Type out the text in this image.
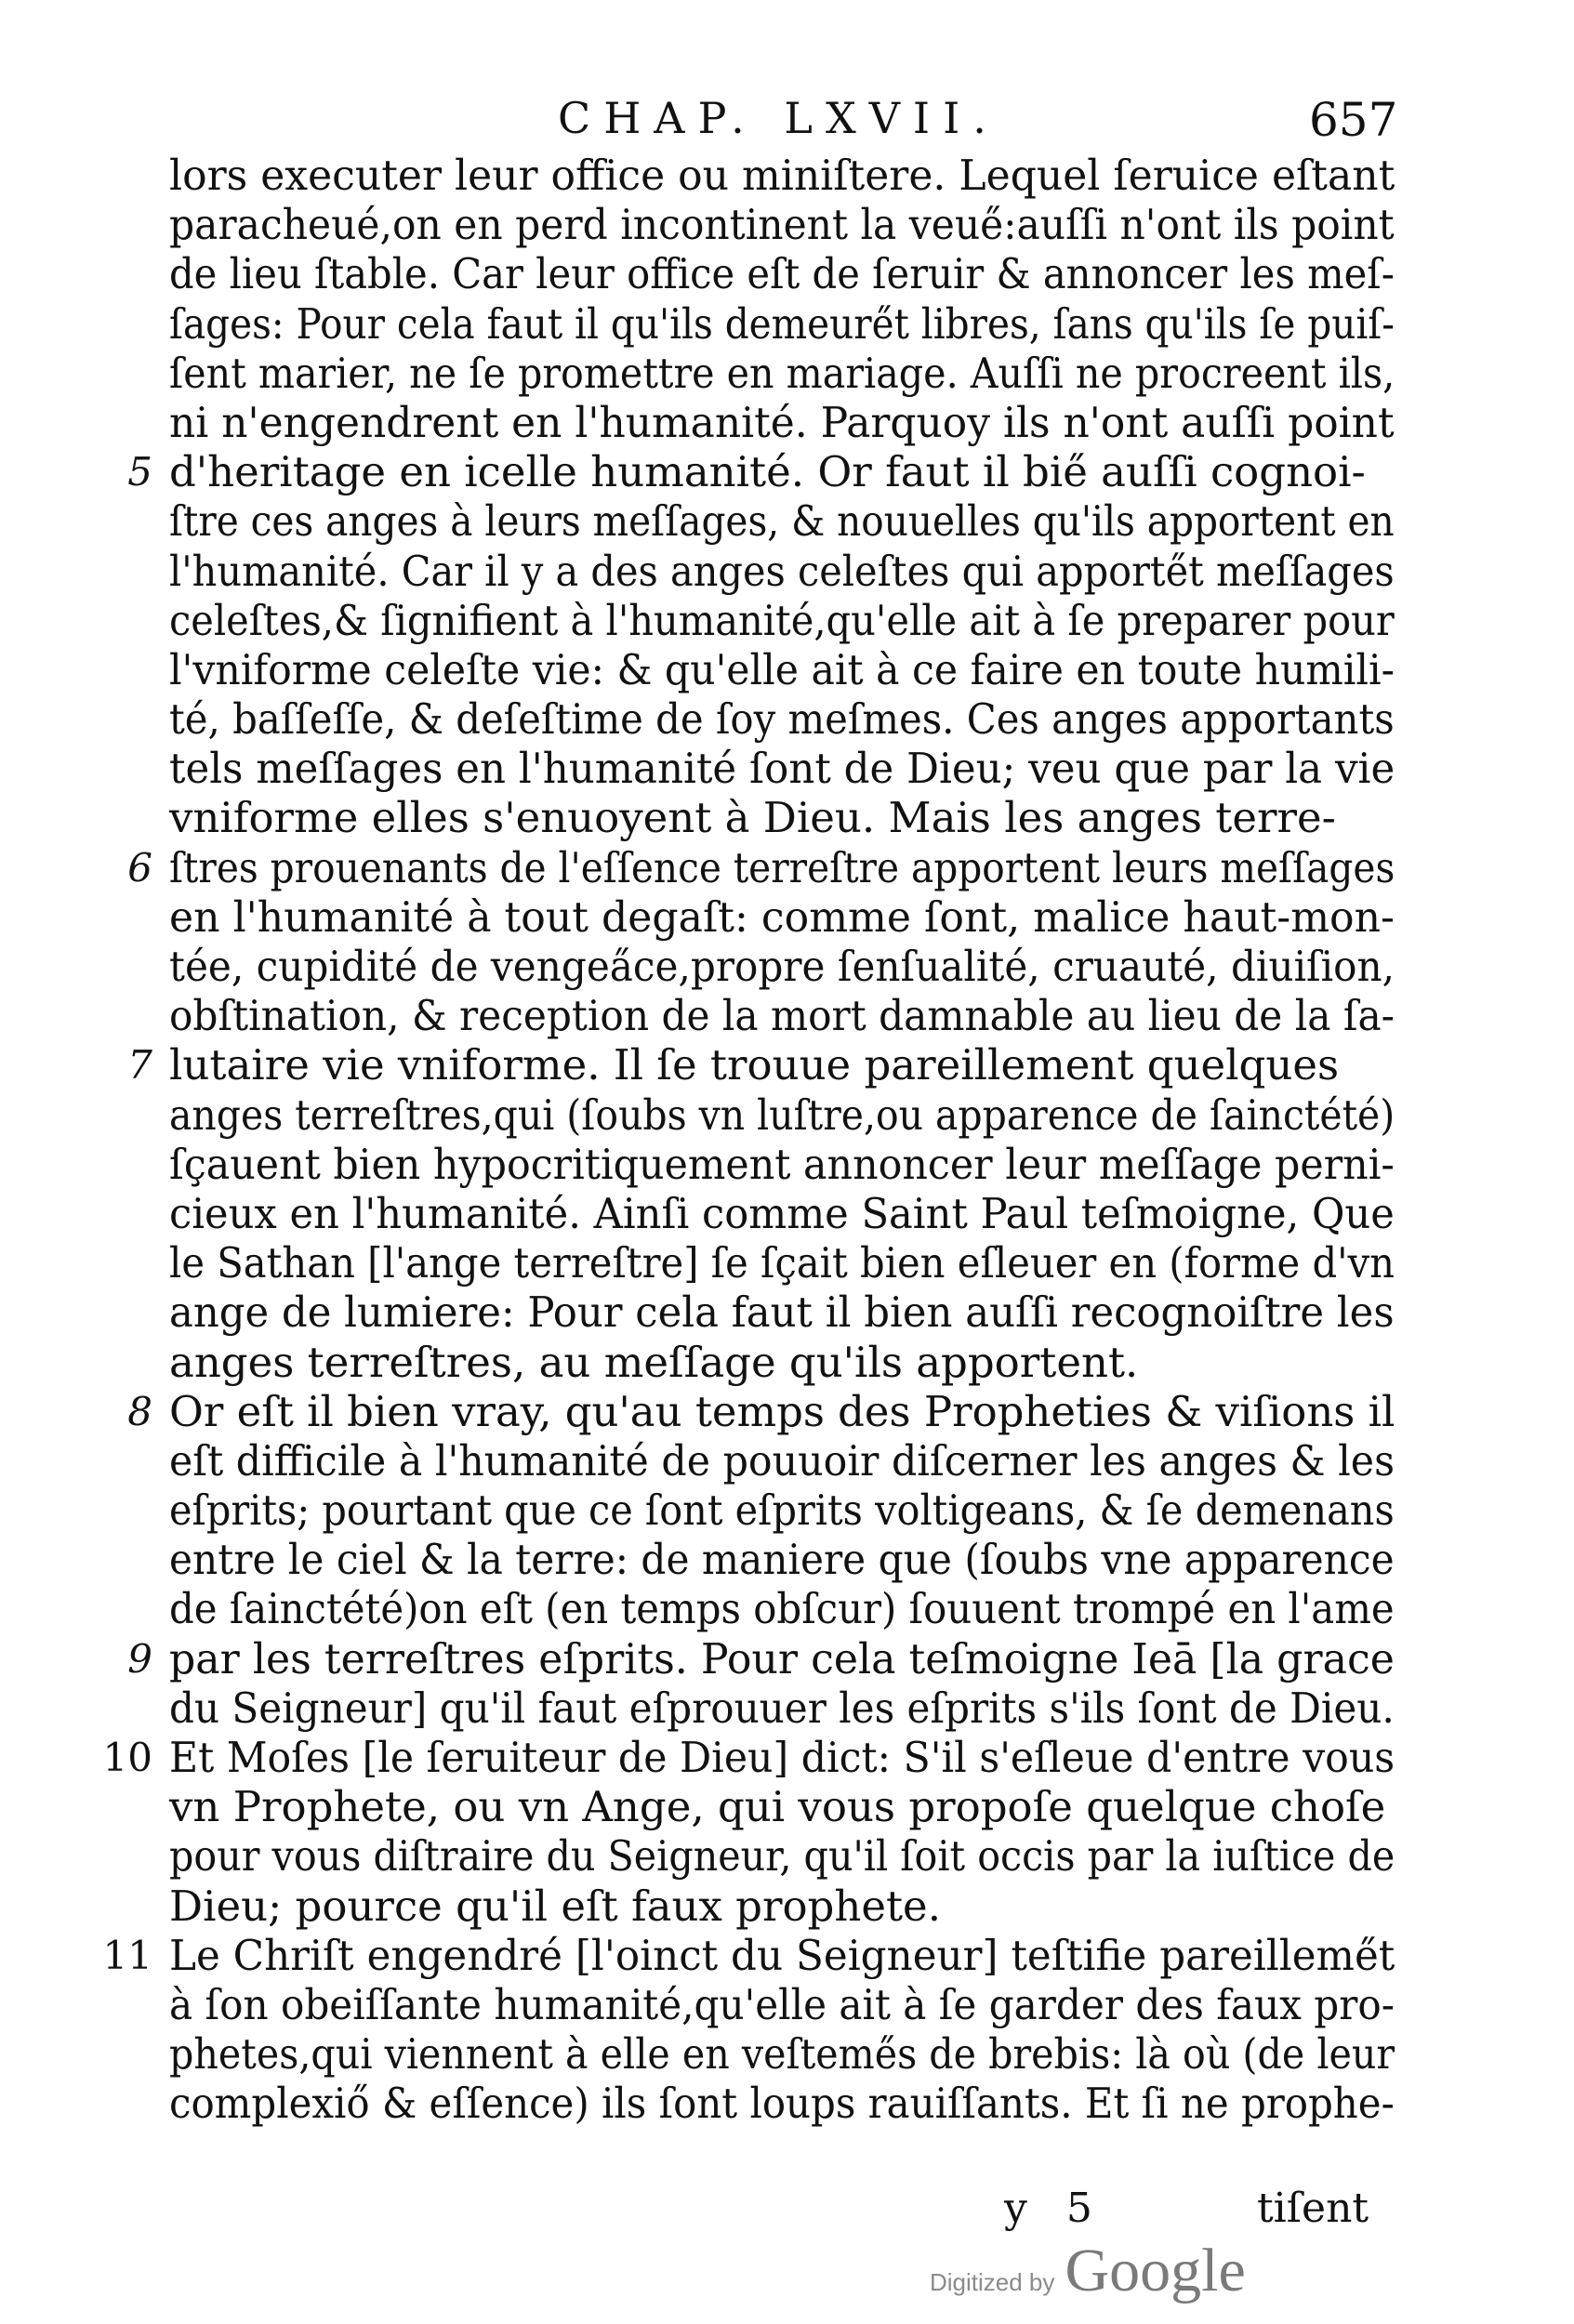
CHAP. LXVII.	657
lors executer leur office ou miniſtere. Lequel ſeruice eſtant
paracheué,on en perd incontinent la veue̋:auſſi n'ont ils point
de lieu ſtable. Car leur office eſt de ſeruir & annoncer les meſ-
ſages: Pour cela faut il qu'ils demeure̋t libres, ſans qu'ils ſe puiſ-
ſent marier, ne ſe promettre en mariage. Auſſi ne procreent ils,
ni n'engendrent en l'humanité. Parquoy ils n'ont auſſi point
5 d'heritage en icelle humanité. Or faut il bie̋ auſſi cognoi-
ſtre ces anges à leurs meſſages, & nouuelles qu'ils apportent en
l'humanité. Car il y a des anges celeſtes qui apporte̋t meſſages
celeſtes,& ſignifient à l'humanité,qu'elle ait à ſe preparer pour
l'vniforme celeſte vie: & qu'elle ait à ce faire en toute humili-
té, baſſeſſe, & deſeſtime de ſoy meſmes. Ces anges apportants
tels meſſages en l'humanité ſont de Dieu; veu que par la vie
vniforme elles s'enuoyent à Dieu. Mais les anges terre-
6 ſtres prouenants de l'eſſence terreſtre apportent leurs meſſages
en l'humanité à tout degaſt: comme ſont, malice haut-mon-
tée, cupidité de vengea̋ce,propre ſenſualité, cruauté, diuiſion,
obſtination, & reception de la mort damnable au lieu de la ſa-
7 lutaire vie vniforme. Il ſe trouue pareillement quelques
anges terreſtres,qui (ſoubs vn luſtre,ou apparence de ſainctété)
ſçauent bien hypocritiquement annoncer leur meſſage perni-
cieux en l'humanité. Ainſi comme Saint Paul teſmoigne, Que
le Sathan [l'ange terreſtre] ſe ſçait bien eſleuer en (forme d'vn
ange de lumiere: Pour cela faut il bien auſſi recognoiſtre les
anges terreſtres, au meſſage qu'ils apportent.
8 Or eſt il bien vray, qu'au temps des Propheties & viſions il
eſt difficile à l'humanité de pouuoir diſcerner les anges & les
eſprits; pourtant que ce ſont eſprits voltigeans, & ſe demenans
entre le ciel & la terre: de maniere que (ſoubs vne apparence
de ſainctété)on eſt (en temps obſcur) ſouuent trompé en l'ame
9 par les terreſtres eſprits. Pour cela teſmoigne Ieā [la grace
du Seigneur] qu'il faut eſprouuer les eſprits s'ils ſont de Dieu.
10 Et Moſes [le ſeruiteur de Dieu] dict: S'il s'eſleue d'entre vous
vn Prophete, ou vn Ange, qui vous propoſe quelque choſe
pour vous diſtraire du Seigneur, qu'il ſoit occis par la iuſtice de
Dieu; pource qu'il eſt faux prophete.
11 Le Chriſt engendré [l'oinct du Seigneur] teſtifie pareilleme̋t
à ſon obeiſſante humanité,qu'elle ait à ſe garder des faux pro-
phetes,qui viennent à elle en veſteme̋s de brebis: là où (de leur
complexiő & eſſence) ils ſont loups rauiſſants. Et ſi ne prophe-
y 5	tiſent
Digitized by Google
